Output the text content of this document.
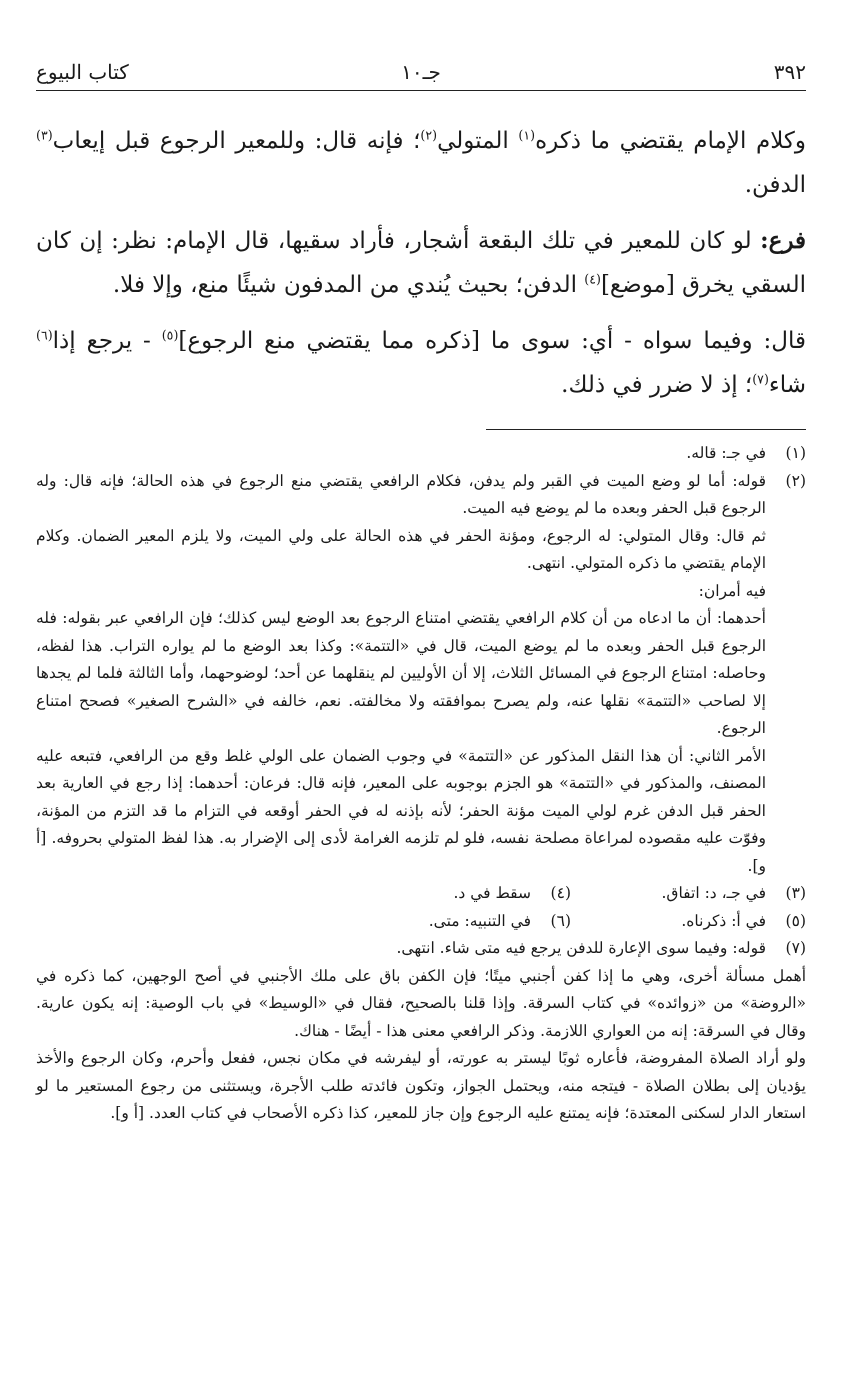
٣٩٢
جـ١٠
كتاب البيوع

وكلام الإمام يقتضي ما ذكره$^{(١)}$ المتولي$^{(٢)}$؛ فإنه قال: وللمعير الرجوع قبل إيعاب$^{(٣)}$ الدفن.

فرع: لو كان للمعير في تلك البقعة أشجار، فأراد سقيها، قال الإمام: نظر: إن كان السقي يخرق [موضع]$^{(٤)}$ الدفن؛ بحيث يُندي من المدفون شيئًا منع، وإلا فلا.

قال: وفيما سواه - أي: سوى ما [ذكره مما يقتضي منع الرجوع]$^{(٥)}$ - يرجع إذا$^{(٦)}$ شاء$^{(٧)}$؛ إذ لا ضرر في ذلك.

(١)
في جـ: قاله.
(٢)

قوله: أما لو وضع الميت في القبر ولم يدفن، فكلام الرافعي يقتضي منع الرجوع في هذه الحالة؛ فإنه قال: وله الرجوع قبل الحفر وبعده ما لم يوضع فيه الميت.

ثم قال: وقال المتولي: له الرجوع، ومؤنة الحفر في هذه الحالة على ولي الميت، ولا يلزم المعير الضمان. وكلام الإمام يقتضي ما ذكره المتولي. انتهى.

فيه أمران:

أحدهما: أن ما ادعاه من أن كلام الرافعي يقتضي امتناع الرجوع بعد الوضع ليس كذلك؛ فإن الرافعي عبر بقوله: فله الرجوع قبل الحفر وبعده ما لم يوضع الميت، قال في «التتمة»: وكذا بعد الوضع ما لم يواره التراب. هذا لفظه، وحاصله: امتناع الرجوع في المسائل الثلاث، إلا أن الأوليين لم ينقلهما عن أحد؛ لوضوحهما، وأما الثالثة فلما لم يجدها إلا لصاحب «التتمة» نقلها عنه، ولم يصرح بموافقته ولا مخالفته. نعم، خالفه في «الشرح الصغير» فصحح امتناع الرجوع.

الأمر الثاني: أن هذا النقل المذكور عن «التتمة» في وجوب الضمان على الولي غلط وقع من الرافعي، فتبعه عليه المصنف، والمذكور في «التتمة» هو الجزم بوجوبه على المعير، فإنه قال: فرعان: أحدهما: إذا رجع في العارية بعد الحفر قبل الدفن غرم لولي الميت مؤنة الحفر؛ لأنه بإذنه له في الحفر أوقعه في التزام ما قد التزم من المؤنة، وفوّت عليه مقصوده لمراعاة مصلحة نفسه، فلو لم تلزمه الغرامة لأدى إلى الإضرار به. هذا لفظ المتولي بحروفه. [أ و].

(٣)
في جـ، د: اتفاق.
(٤)
سقط في د.
(٥)
في أ: ذكرناه.
(٦)
في التنبيه: متى.
(٧)

قوله: وفيما سوى الإعارة للدفن يرجع فيه متى شاء. انتهى.

أهمل مسألة أخرى، وهي ما إذا كفن أجنبي ميتًا؛ فإن الكفن باق على ملك الأجنبي في أصح الوجهين، كما ذكره في «الروضة» من «زوائده» في كتاب السرقة. وإذا قلنا بالصحيح، فقال في «الوسيط» في باب الوصية: إنه يكون عارية. وقال في السرقة: إنه من العواري اللازمة. وذكر الرافعي معنى هذا - أيضًا - هناك.

ولو أراد الصلاة المفروضة، فأعاره ثوبًا ليستر به عورته، أو ليفرشه في مكان نجس، ففعل وأحرم، وكان الرجوع والأخذ يؤديان إلى بطلان الصلاة - فيتجه منه، ويحتمل الجواز، وتكون فائدته طلب الأجرة، ويستثنى من رجوع المستعير ما لو استعار الدار لسكنى المعتدة؛ فإنه يمتنع عليه الرجوع وإن جاز للمعير، كذا ذكره الأصحاب في كتاب العدد. [أ و].
